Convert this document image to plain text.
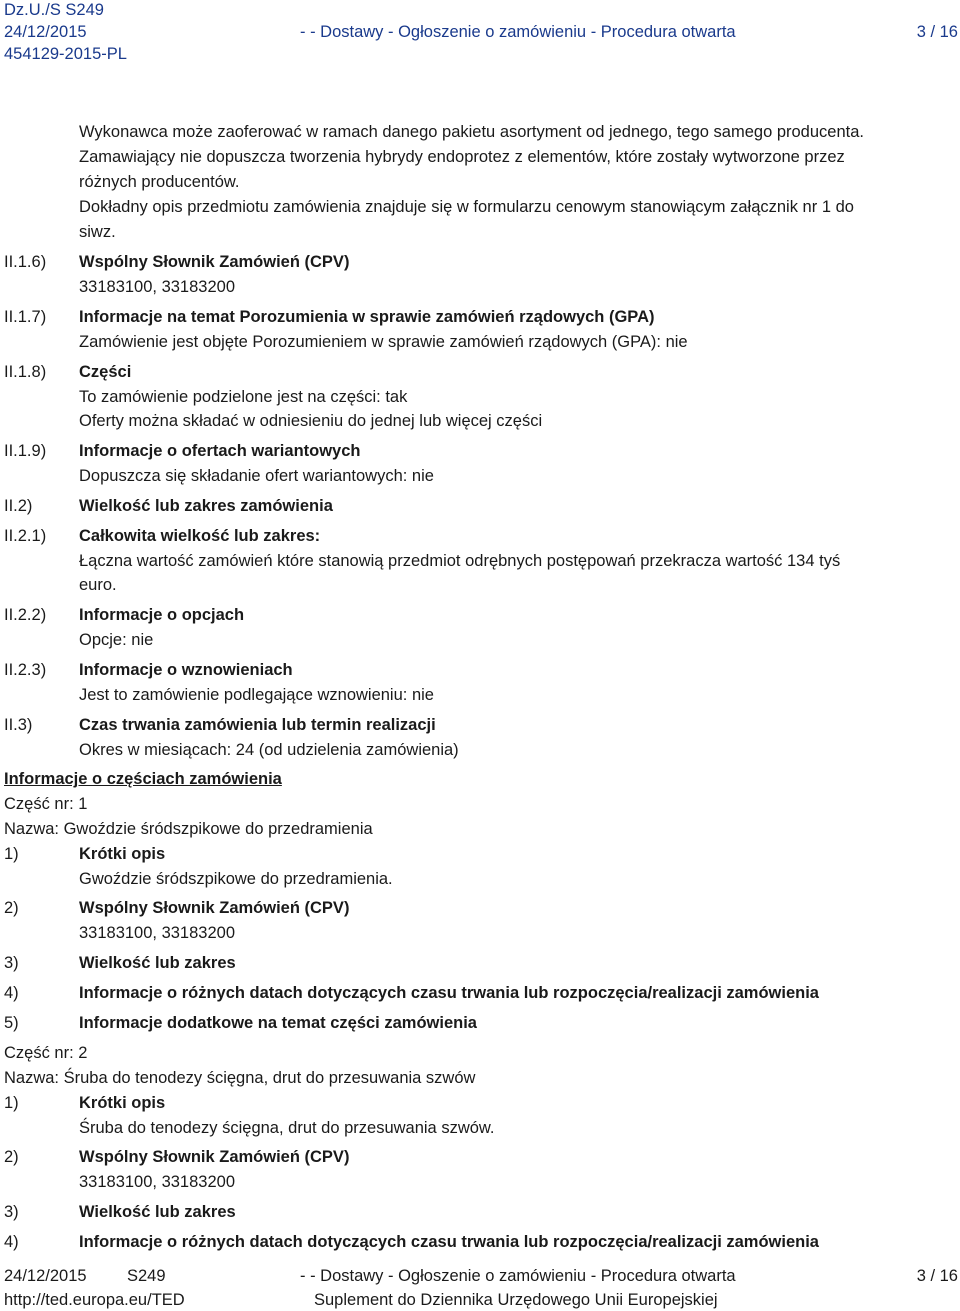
Dz.U./S S249
24/12/2015	- - Dostawy - Ogłoszenie o zamówieniu - Procedura otwarta	3 / 16
454129-2015-PL
Wykonawca może zaoferować w ramach danego pakietu asortyment od jednego, tego samego producenta.
Zamawiający nie dopuszcza tworzenia hybrydy endoprotez z elementów, które zostały wytworzone przez
różnych producentów.
Dokładny opis przedmiotu zamówienia znajduje się w formularzu cenowym stanowiącym załącznik nr 1 do
siwz.
II.1.6) Wspólny Słownik Zamówień (CPV)
33183100, 33183200
II.1.7) Informacje na temat Porozumienia w sprawie zamówień rządowych (GPA)
Zamówienie jest objęte Porozumieniem w sprawie zamówień rządowych (GPA): nie
II.1.8) Części
To zamówienie podzielone jest na części: tak
Oferty można składać w odniesieniu do jednej lub więcej części
II.1.9) Informacje o ofertach wariantowych
Dopuszcza się składanie ofert wariantowych: nie
II.2)	Wielkość lub zakres zamówienia
II.2.1) Całkowita wielkość lub zakres:
Łączna wartość zamówień które stanowią przedmiot odrębnych postępowań przekracza wartość 134 tyś
euro.
II.2.2) Informacje o opcjach
Opcje: nie
II.2.3) Informacje o wznowieniach
Jest to zamówienie podlegające wznowieniu: nie
II.3)	Czas trwania zamówienia lub termin realizacji
Okres w miesiącach: 24 (od udzielenia zamówienia)
Informacje o częściach zamówienia
Część nr: 1
Nazwa: Gwoździe śródszpikowe do przedramienia
1)	Krótki opis
Gwoździe śródszpikowe do przedramienia.
2)	Wspólny Słownik Zamówień (CPV)
33183100, 33183200
3)	Wielkość lub zakres
4)	Informacje o różnych datach dotyczących czasu trwania lub rozpoczęcia/realizacji zamówienia
5)	Informacje dodatkowe na temat części zamówienia
Część nr: 2
Nazwa: Śruba do tenodezy ścięgna, drut do przesuwania szwów
1)	Krótki opis
Śruba do tenodezy ścięgna, drut do przesuwania szwów.
2)	Wspólny Słownik Zamówień (CPV)
33183100, 33183200
3)	Wielkość lub zakres
4)	Informacje o różnych datach dotyczących czasu trwania lub rozpoczęcia/realizacji zamówienia
24/12/2015 S249	- - Dostawy - Ogłoszenie o zamówieniu - Procedura otwarta	3 / 16
http://ted.europa.eu/TED	Suplement do Dziennika Urzędowego Unii Europejskiej
